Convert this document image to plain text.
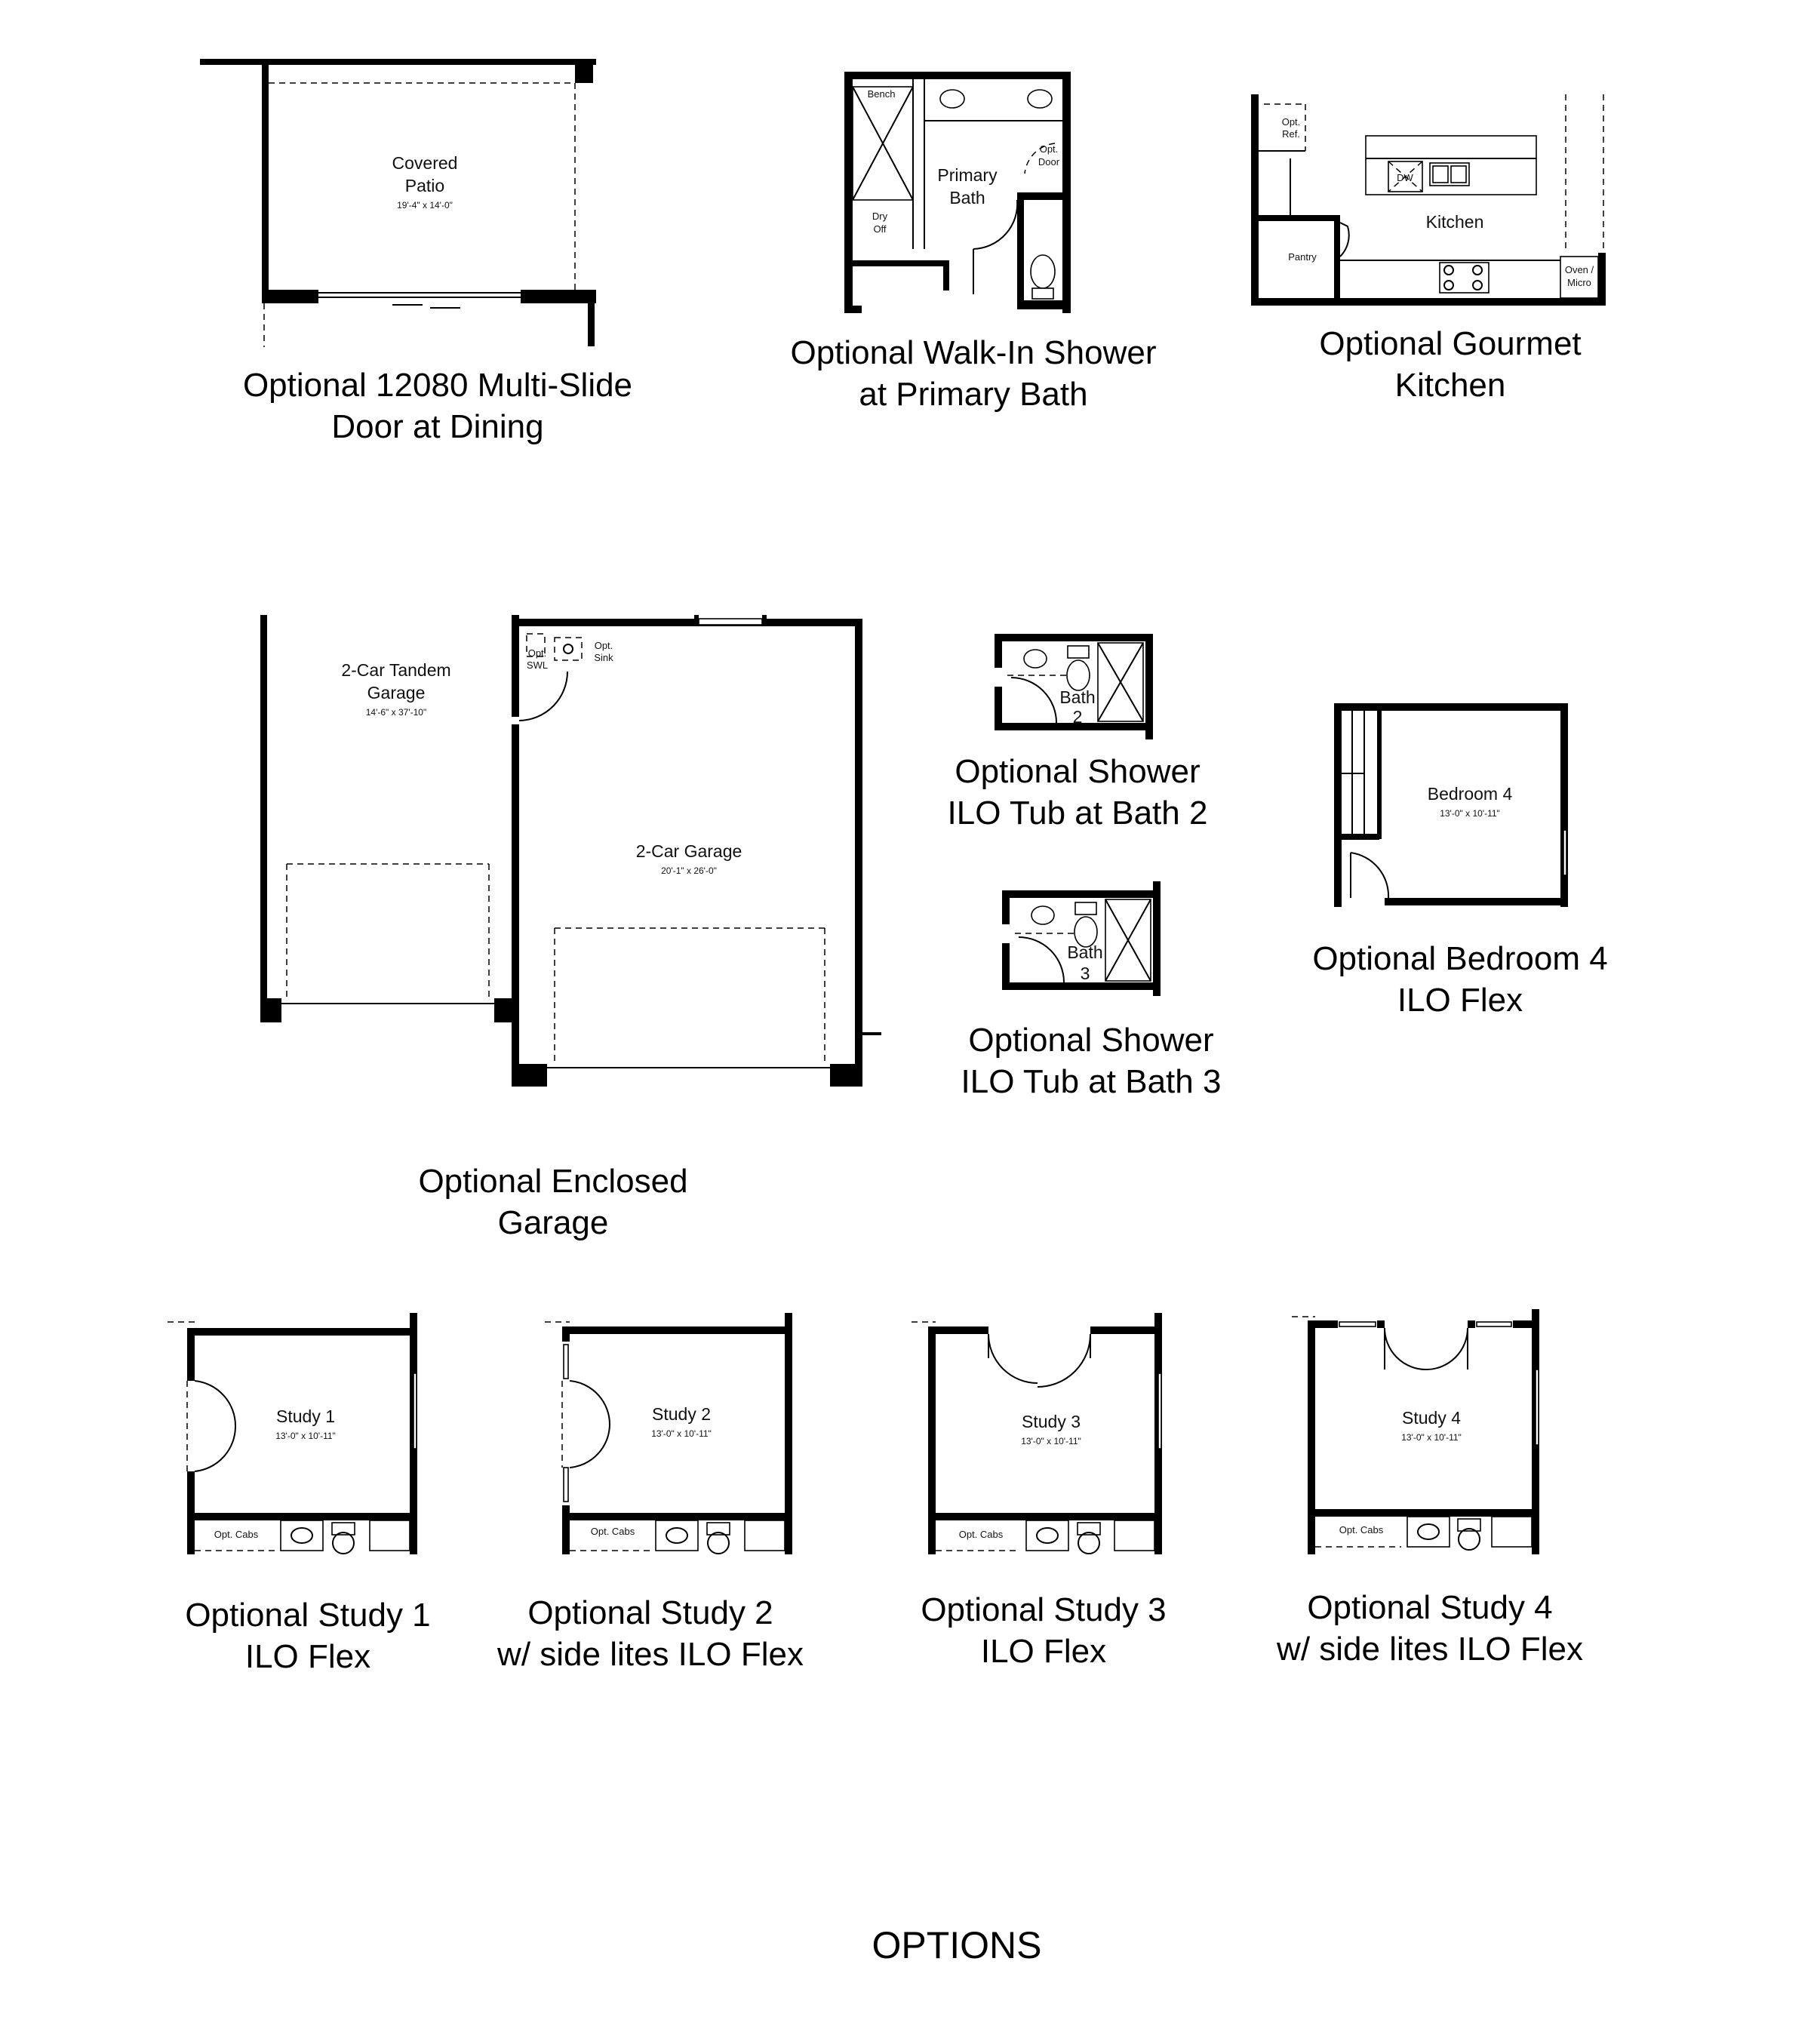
Covered
Patio
19'-4" x 14'-0"
Optional 12080 Multi-Slide
Door at Dining
Bench
Dry
Off
Opt.
Door
Primary
Bath
Optional Walk-In Shower
at Primary Bath
Opt.
Ref.
DW
Pantry
Oven /
Micro
Kitchen
Optional Gourmet
Kitchen
Opt.
SWL
Opt.
Sink
2-Car Tandem
Garage
14'-6" x 37'-10"
2-Car Garage
20'-1" x 26'-0"
Optional Enclosed
Garage
Bath
2
Optional Shower
ILO Tub at Bath 2
Bath
3
Optional Shower
ILO Tub at Bath 3
Bedroom 4
13'-0" x 10'-11"
Optional Bedroom 4
ILO Flex
Opt. Cabs
Study 1
13'-0" x 10'-11"
Optional Study 1
ILO Flex
Opt. Cabs
Study 2
13'-0" x 10'-11"
Optional Study 2
w/ side lites ILO Flex
Opt. Cabs
Study 3
13'-0" x 10'-11"
Optional Study 3
ILO Flex
Opt. Cabs
Study 4
13'-0" x 10'-11"
Optional Study 4
w/ side lites ILO Flex
OPTIONS
